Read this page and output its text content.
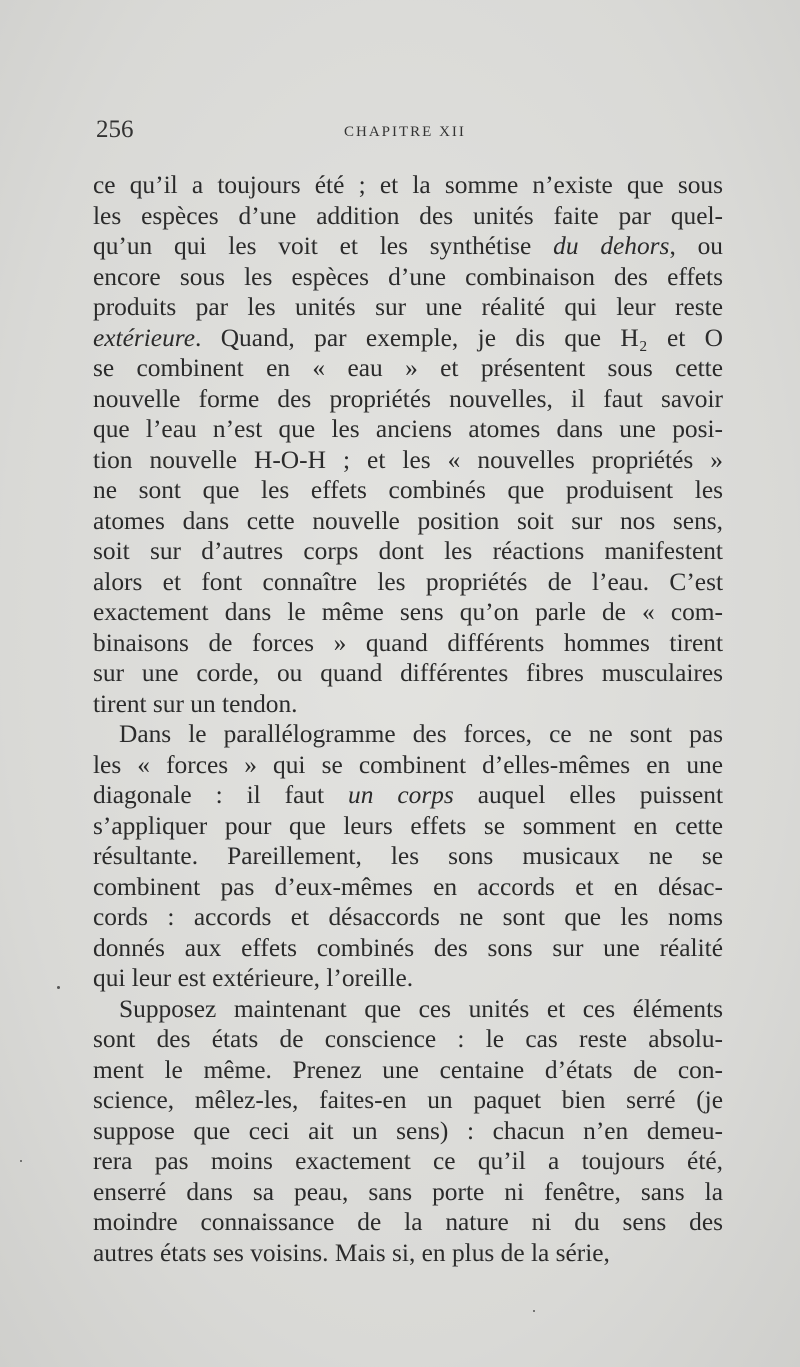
256	CHAPITRE XII
ce qu’il a toujours été ; et la somme n’existe que sous
les espèces d’une addition des unités faite par quel-
qu’un qui les voit et les synthétise du dehors, ou
encore sous les espèces d’une combinaison des effets
produits par les unités sur une réalité qui leur reste
extérieure. Quand, par exemple, je dis que H₂ et O
se combinent en « eau » et présentent sous cette
nouvelle forme des propriétés nouvelles, il faut savoir
que l’eau n’est que les anciens atomes dans une posi-
tion nouvelle H-O-H ; et les « nouvelles propriétés »
ne sont que les effets combinés que produisent les
atomes dans cette nouvelle position soit sur nos sens,
soit sur d’autres corps dont les réactions manifestent
alors et font connaître les propriétés de l’eau. C’est
exactement dans le même sens qu’on parle de « com-
binaisons de forces » quand différents hommes tirent
sur une corde, ou quand différentes fibres musculaires
tirent sur un tendon.
Dans le parallélogramme des forces, ce ne sont pas
les « forces » qui se combinent d’elles-mêmes en une
diagonale : il faut un corps auquel elles puissent
s’appliquer pour que leurs effets se somment en cette
résultante. Pareillement, les sons musicaux ne se
combinent pas d’eux-mêmes en accords et en désac-
cords : accords et désaccords ne sont que les noms
donnés aux effets combinés des sons sur une réalité
qui leur est extérieure, l’oreille.
Supposez maintenant que ces unités et ces éléments
sont des états de conscience : le cas reste absolu-
ment le même. Prenez une centaine d’états de con-
science, mêlez-les, faites-en un paquet bien serré (je
suppose que ceci ait un sens) : chacun n’en demeu-
rera pas moins exactement ce qu’il a toujours été,
enserré dans sa peau, sans porte ni fenêtre, sans la
moindre connaissance de la nature ni du sens des
autres états ses voisins. Mais si, en plus de la série,
